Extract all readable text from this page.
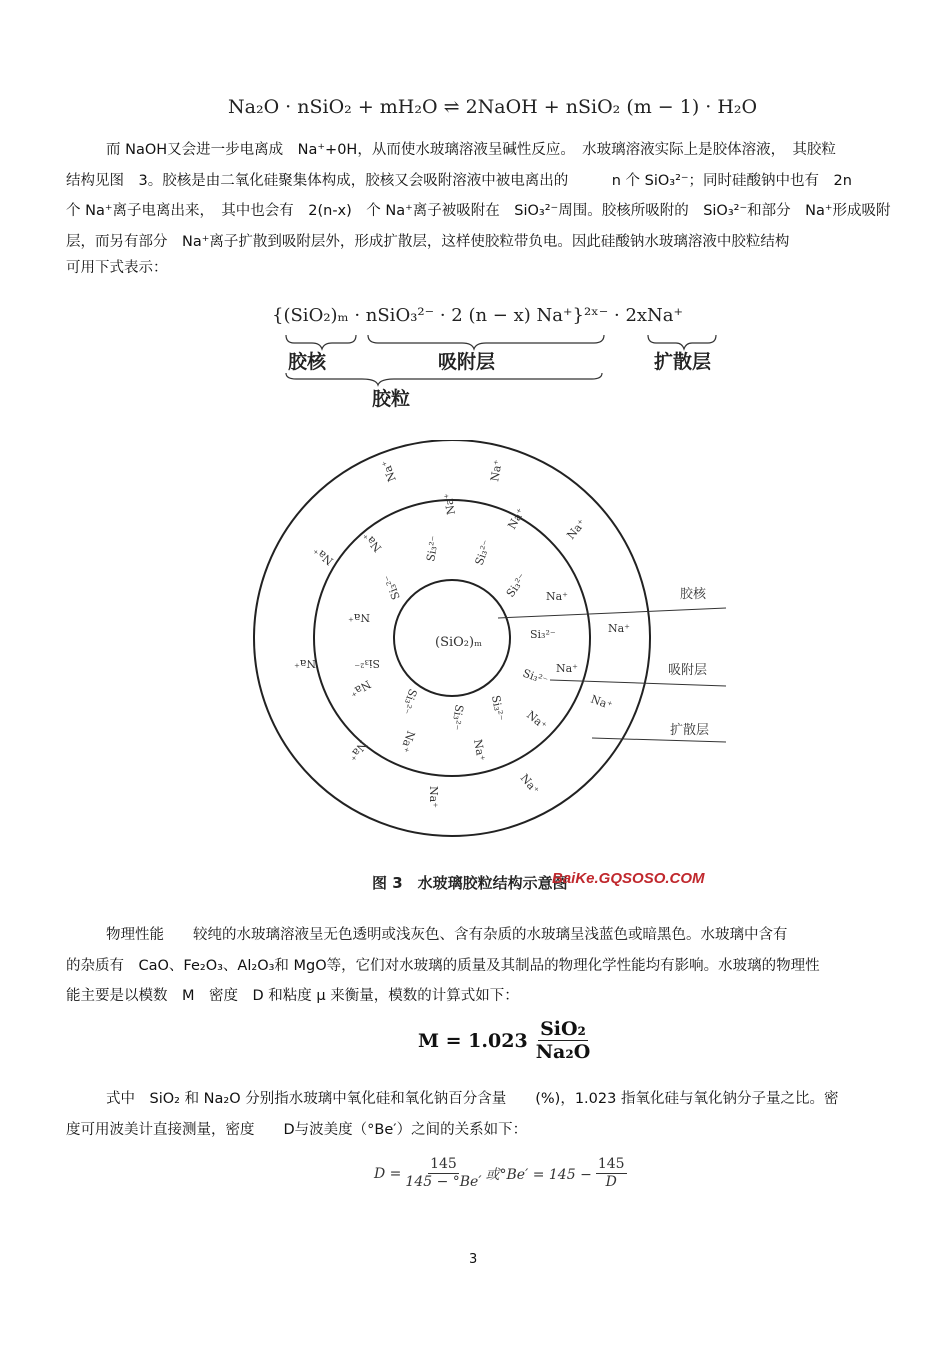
Na₂O · nSiO₂ + mH₂O ⇌ 2NaOH + nSiO₂ (m − 1) · H₂O
而 NaOH又会进一步电离成　Na⁺+0H，从而使水玻璃溶液呈碱性反应。　水玻璃溶液实际上是胶体溶液，　其胶粒
结构见图　3。胶核是由二氧化硅聚集体构成，胶核又会吸附溶液中被电离出的　　　n 个 SiO₃²⁻；同时硅酸钠中也有　2n
个 Na⁺离子电离出来，　其中也会有　2(n-x)　个 Na⁺离子被吸附在　SiO₃²⁻周围。胶核所吸附的　SiO₃²⁻和部分　Na⁺形成吸附
层，而另有部分　Na⁺离子扩散到吸附层外，形成扩散层，这样使胶粒带负电。因此硅酸钠水玻璃溶液中胶粒结构
可用下式表示：
{(SiO₂)ₘ · nSiO₃²⁻ · 2 (n − x) Na⁺}²ˣ⁻ · 2xNa⁺
胶核	吸附层	扩散层
胶粒
(SiO₂)ₘ
胶核
吸附层
扩散层
Si₃²⁻	Si₃²⁻
Si₃²⁻
Si₃²⁻
Si₃²⁻
Si₃²⁻
Si₃²⁻
Si₃²⁻
Si₃²⁻
Si₃²⁻
Na⁺
Na⁺
Na⁺
Na⁺
Na⁺
Na⁺
Na⁺
Na⁺
Na⁺
Na⁺
Na⁺	Na⁺
Na⁺
Na⁺
Na⁺
Na⁺
Na⁺
Na⁺
Na⁺
Na⁺
图 3　水玻璃胶粒结构示意图
BaiKe.GQSOSO.COM
物理性能　　较纯的水玻璃溶液呈无色透明或浅灰色、含有杂质的水玻璃呈浅蓝色或暗黑色。水玻璃中含有
的杂质有　CaO、Fe₂O₃、Al₂O₃和 MgO等，它们对水玻璃的质量及其制品的物理化学性能均有影响。水玻璃的物理性
能主要是以模数　M　密度　D 和粘度 μ 来衡量，模数的计算式如下：
M = 1.023
SiO₂
Na₂O
式中　SiO₂ 和 Na₂O 分别指水玻璃中氧化硅和氧化钠百分含量　　(%)，1.023 指氧化硅与氧化钠分子量之比。密
度可用波美计直接测量，密度　　D与波美度（°Be′）之间的关系如下：
$D = \frac{145}{145 - ^\circ Be'}$ 或$^\circ Be' = 145 - \frac{145}{D}$
3
